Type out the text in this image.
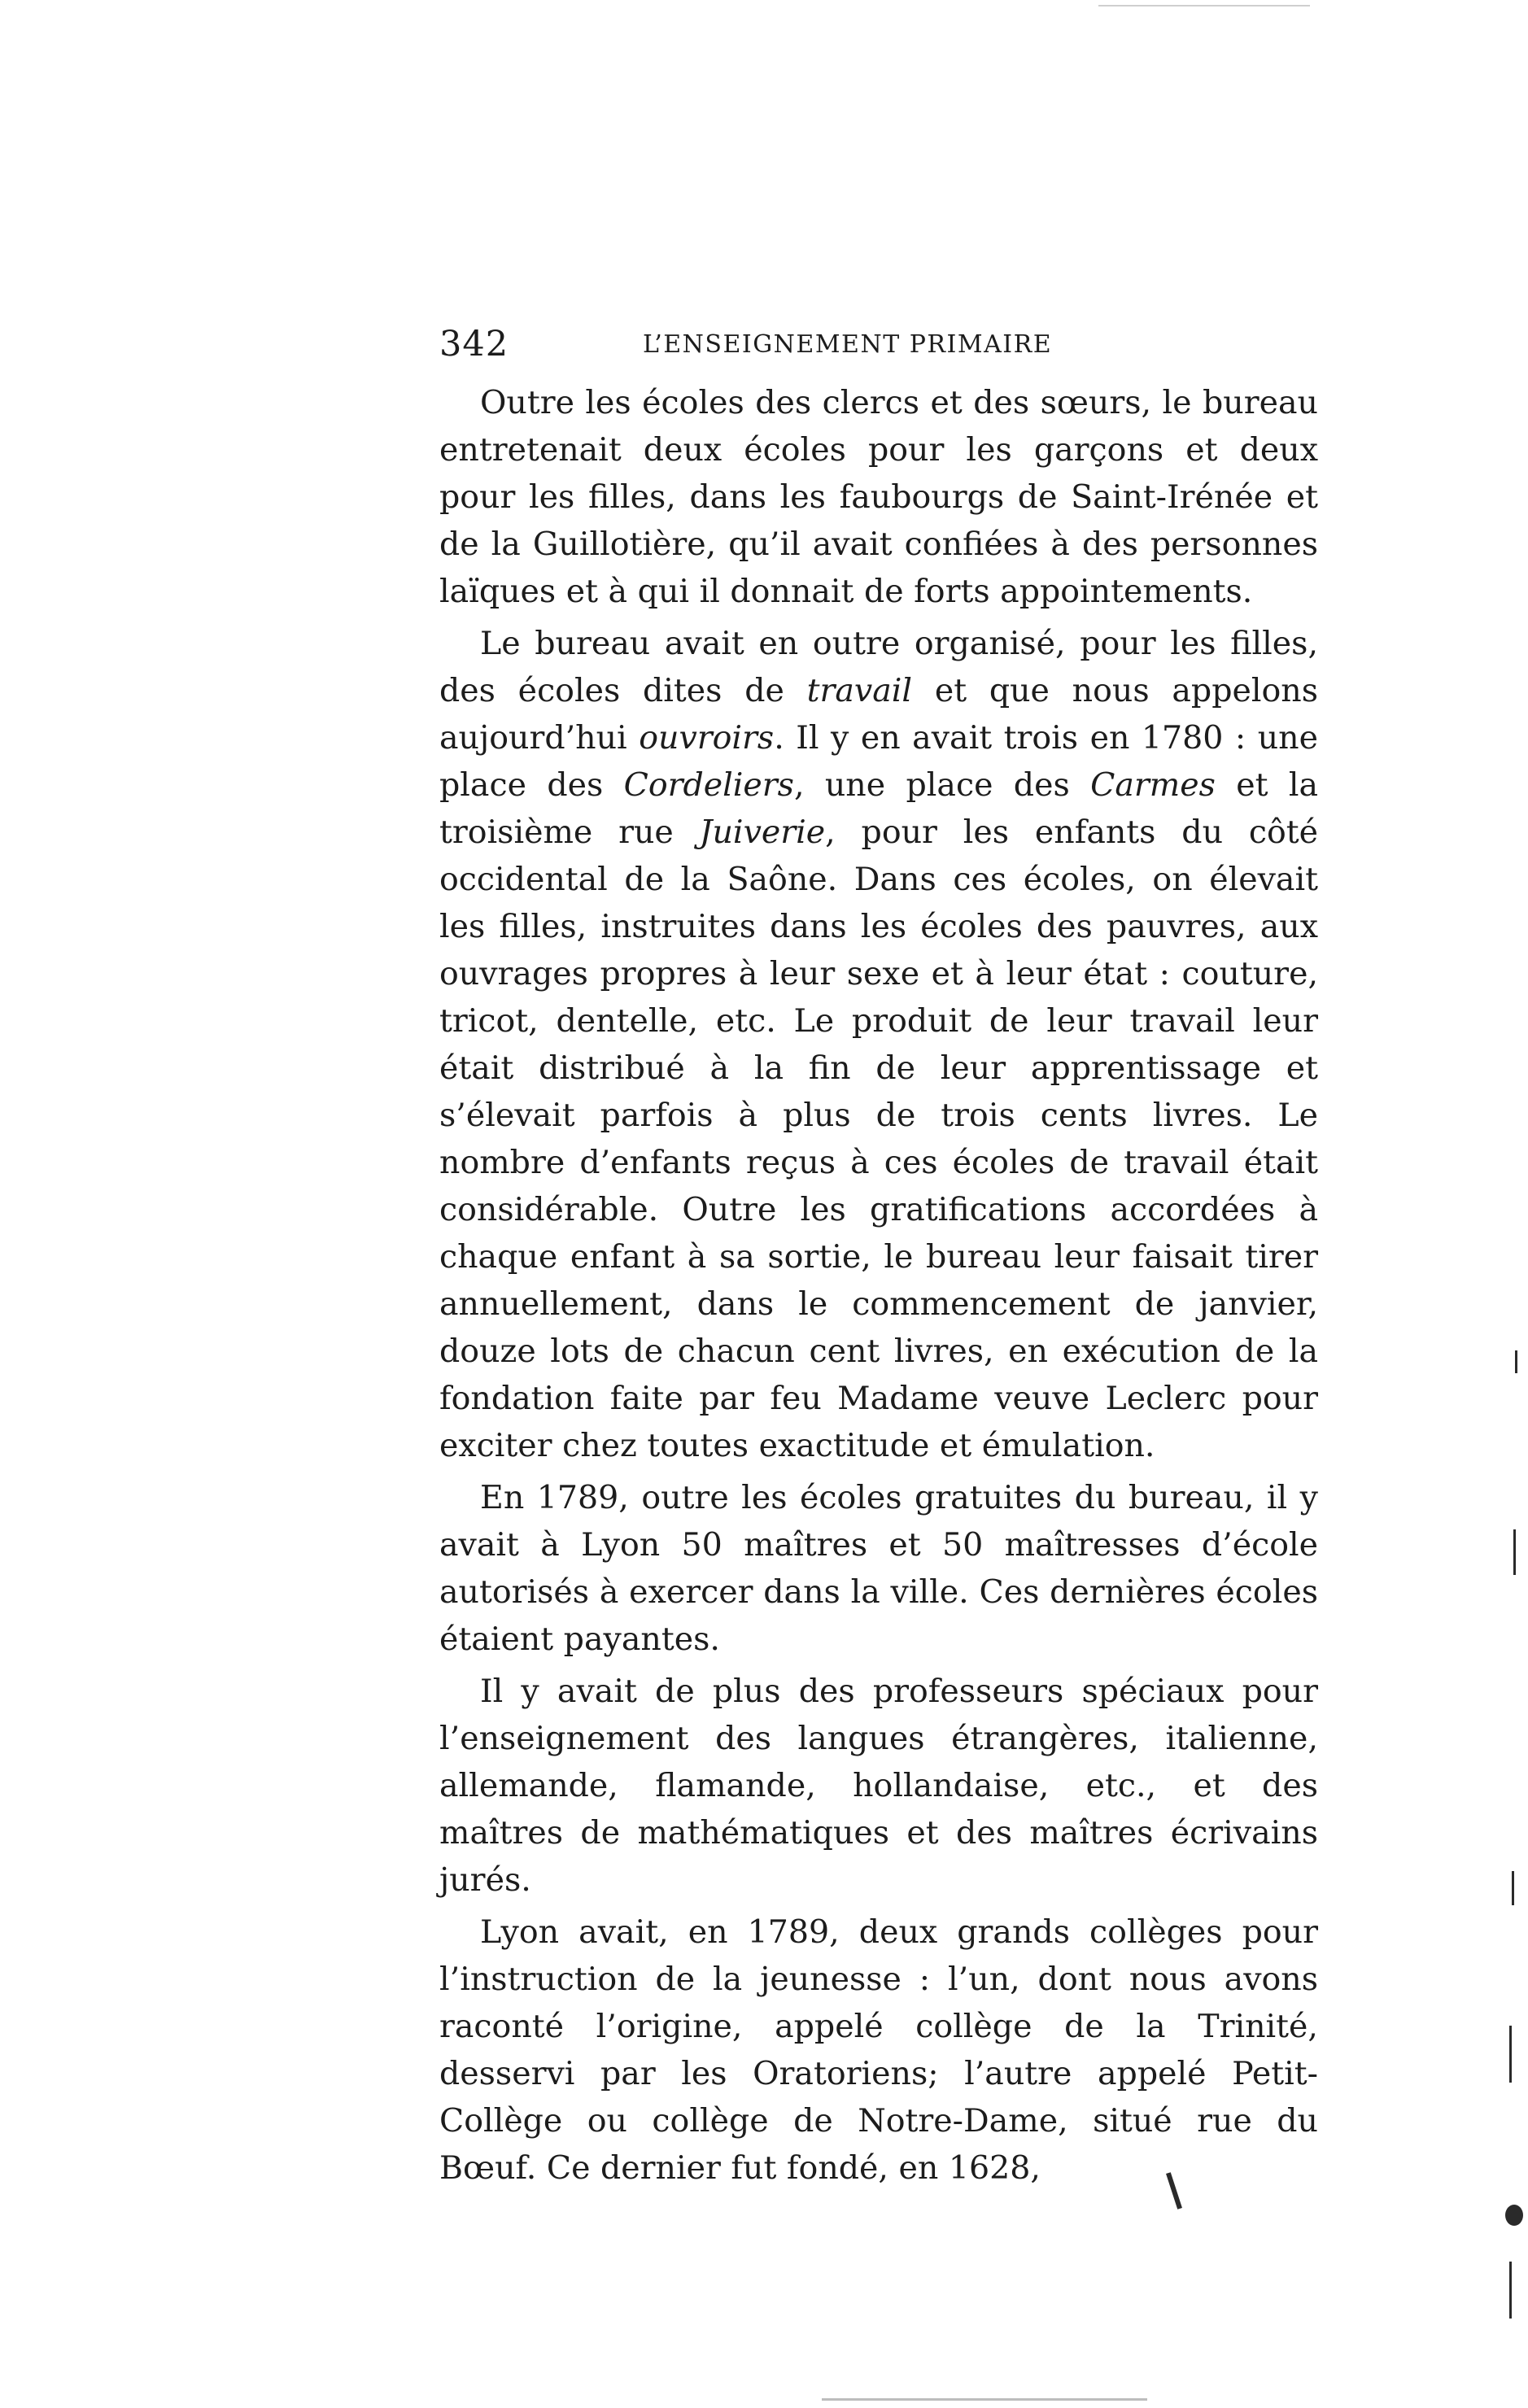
342	L’ENSEIGNEMENT PRIMAIRE

Outre les écoles des clercs et des sœurs, le bureau entretenait deux écoles pour les garçons et deux pour les filles, dans les faubourgs de Saint-Irénée et de la Guillotière, qu’il avait confiées à des personnes laïques et à qui il donnait de forts appointements.

Le bureau avait en outre organisé, pour les filles, des écoles dites de travail et que nous appelons aujourd’hui ouvroirs. Il y en avait trois en 1780 : une place des Cordeliers, une place des Carmes et la troisième rue Juiverie, pour les enfants du côté occidental de la Saône. Dans ces écoles, on élevait les filles, instruites dans les écoles des pauvres, aux ouvrages propres à leur sexe et à leur état : couture, tricot, dentelle, etc. Le produit de leur travail leur était distribué à la fin de leur apprentissage et s’élevait parfois à plus de trois cents livres. Le nombre d’enfants reçus à ces écoles de travail était considérable. Outre les gratifications accordées à chaque enfant à sa sortie, le bureau leur faisait tirer annuellement, dans le commencement de janvier, douze lots de chacun cent livres, en exécution de la fondation faite par feu Madame veuve Leclerc pour exciter chez toutes exactitude et émulation.

En 1789, outre les écoles gratuites du bureau, il y avait à Lyon 50 maîtres et 50 maîtresses d’école autorisés à exercer dans la ville. Ces dernières écoles étaient payantes.

Il y avait de plus des professeurs spéciaux pour l’enseignement des langues étrangères, italienne, allemande, flamande, hollandaise, etc., et des maîtres de mathématiques et des maîtres écrivains jurés.

Lyon avait, en 1789, deux grands collèges pour l’instruction de la jeunesse : l’un, dont nous avons raconté l’origine, appelé collège de la Trinité, desservi par les Oratoriens; l’autre appelé Petit-Collège ou collège de Notre-Dame, situé rue du Bœuf. Ce dernier fut fondé, en 1628,
